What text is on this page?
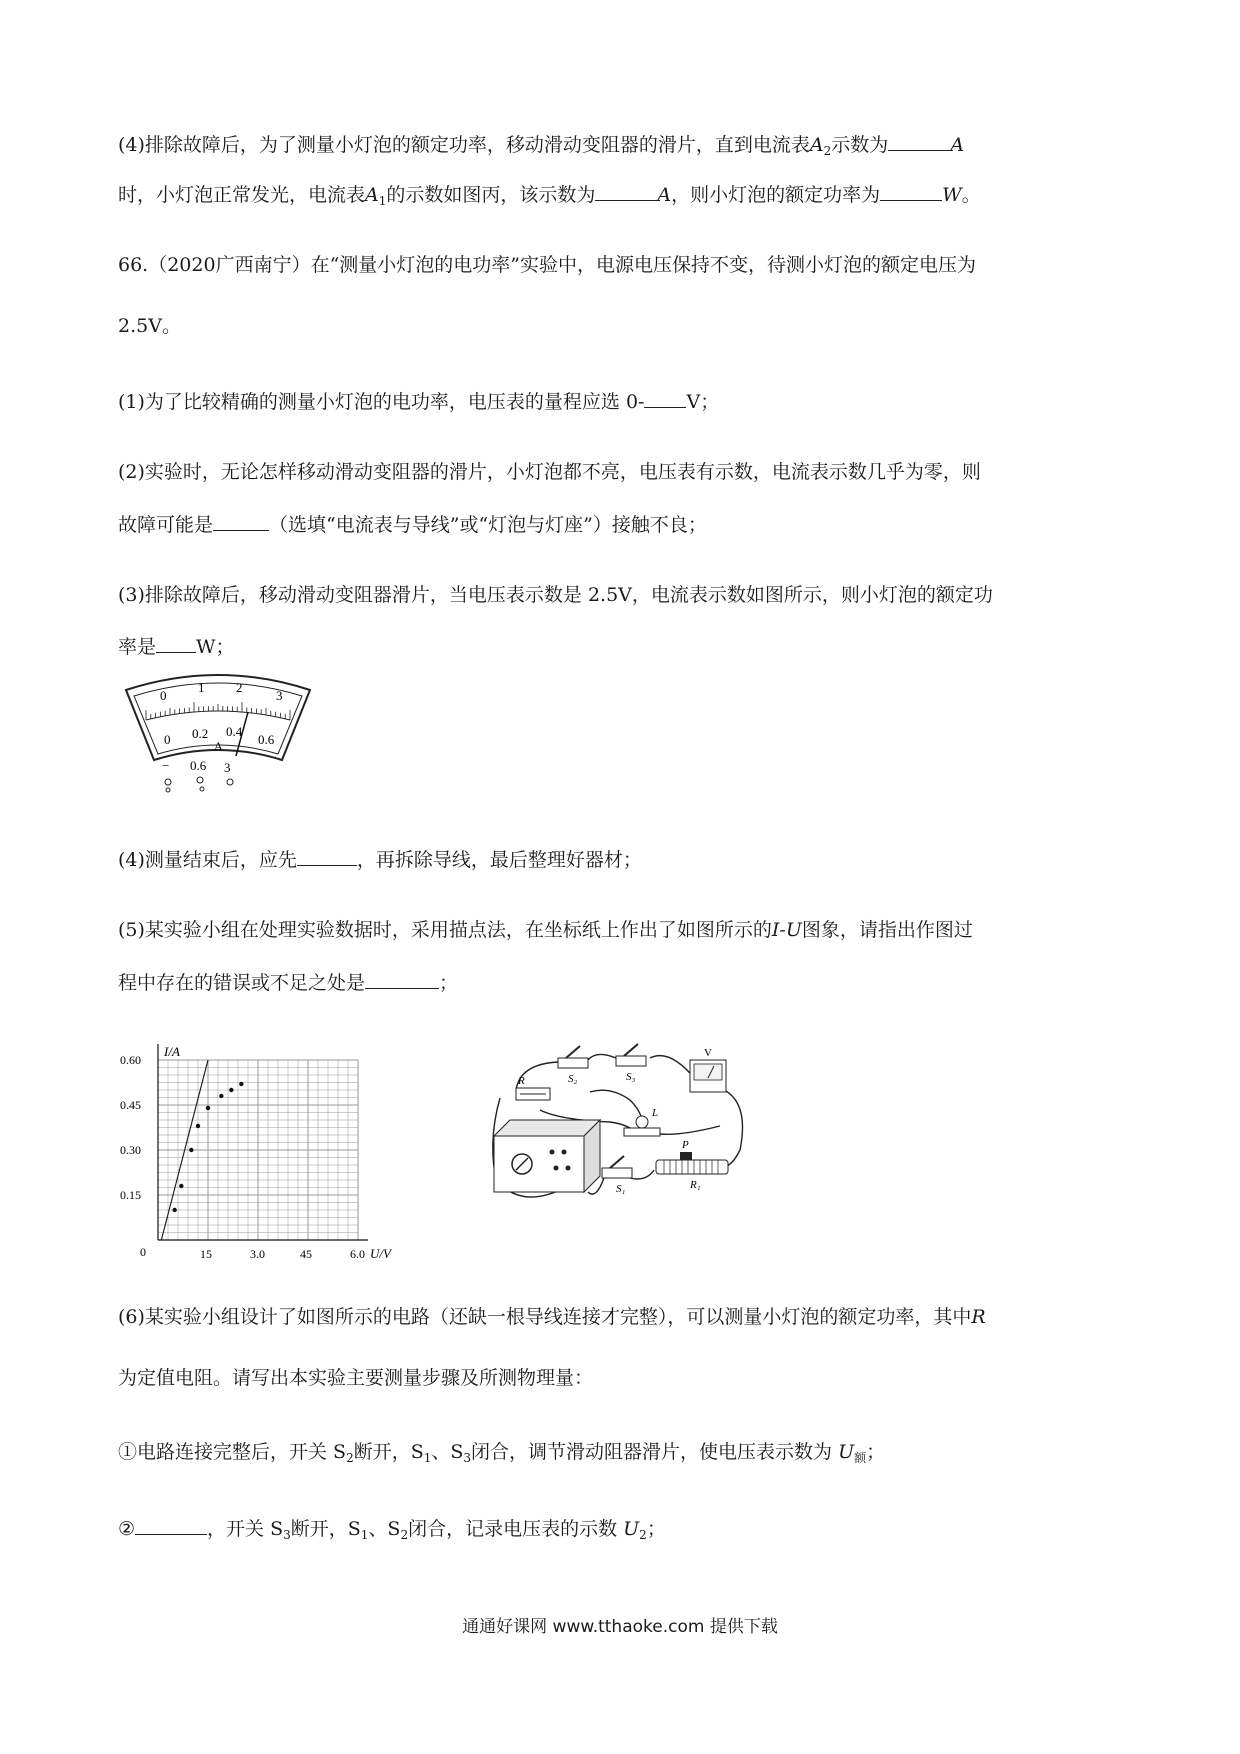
(4)排除故障后，为了测量小灯泡的额定功率，移动滑动变阻器的滑片，直到电流表$A_2$示数为	A
时，小灯泡正常发光，电流表$A_1$的示数如图丙，该示数为	A，则小灯泡的额定功率为	W。
66.（2020广西南宁）在“测量小灯泡的电功率”实验中，电源电压保持不变，待测小灯泡的额定电压为
2.5V。
(1)为了比较精确的测量小灯泡的电功率，电压表的量程应选 0- V；
(2)实验时，无论怎样移动滑动变阻器的滑片，小灯泡都不亮，电压表有示数，电流表示数几乎为零，则
故障可能是	（选填“电流表与导线”或“灯泡与灯座”）接触不良；
(3)排除故障后，移动滑动变阻器滑片，当电压表示数是 2.5V，电流表示数如图所示，则小灯泡的额定功
率是 W；
0
1 2
3
0 0.2 0.4
0.6
A
− 0.6 3
(4)测量结束后，应先	，再拆除导线，最后整理好器材；
(5)某实验小组在处理实验数据时，采用描点法，在坐标纸上作出了如图所示的I-U图象，请指出作图过
程中存在的错误或不足之处是	；
I/A
U/V
0	15	3.0	45	6.0
0.60
0.45
0.30
0.15
R	S₂	S₃
V
L
S₁
P
R₁
(6)某实验小组设计了如图所示的电路（还缺一根导线连接才完整），可以测量小灯泡的额定功率，其中R
为定值电阻。请写出本实验主要测量步骤及所测物理量：
①电路连接完整后，开关 $S_2$断开，$S_1$、$S_3$闭合，调节滑动阻器滑片，使电压表示数为 $U_额$；
②	，开关 $S_3$断开，$S_1$、$S_2$闭合，记录电压表的示数 $U_2$；
通通好课网 www.tthaoke.com 提供下载
